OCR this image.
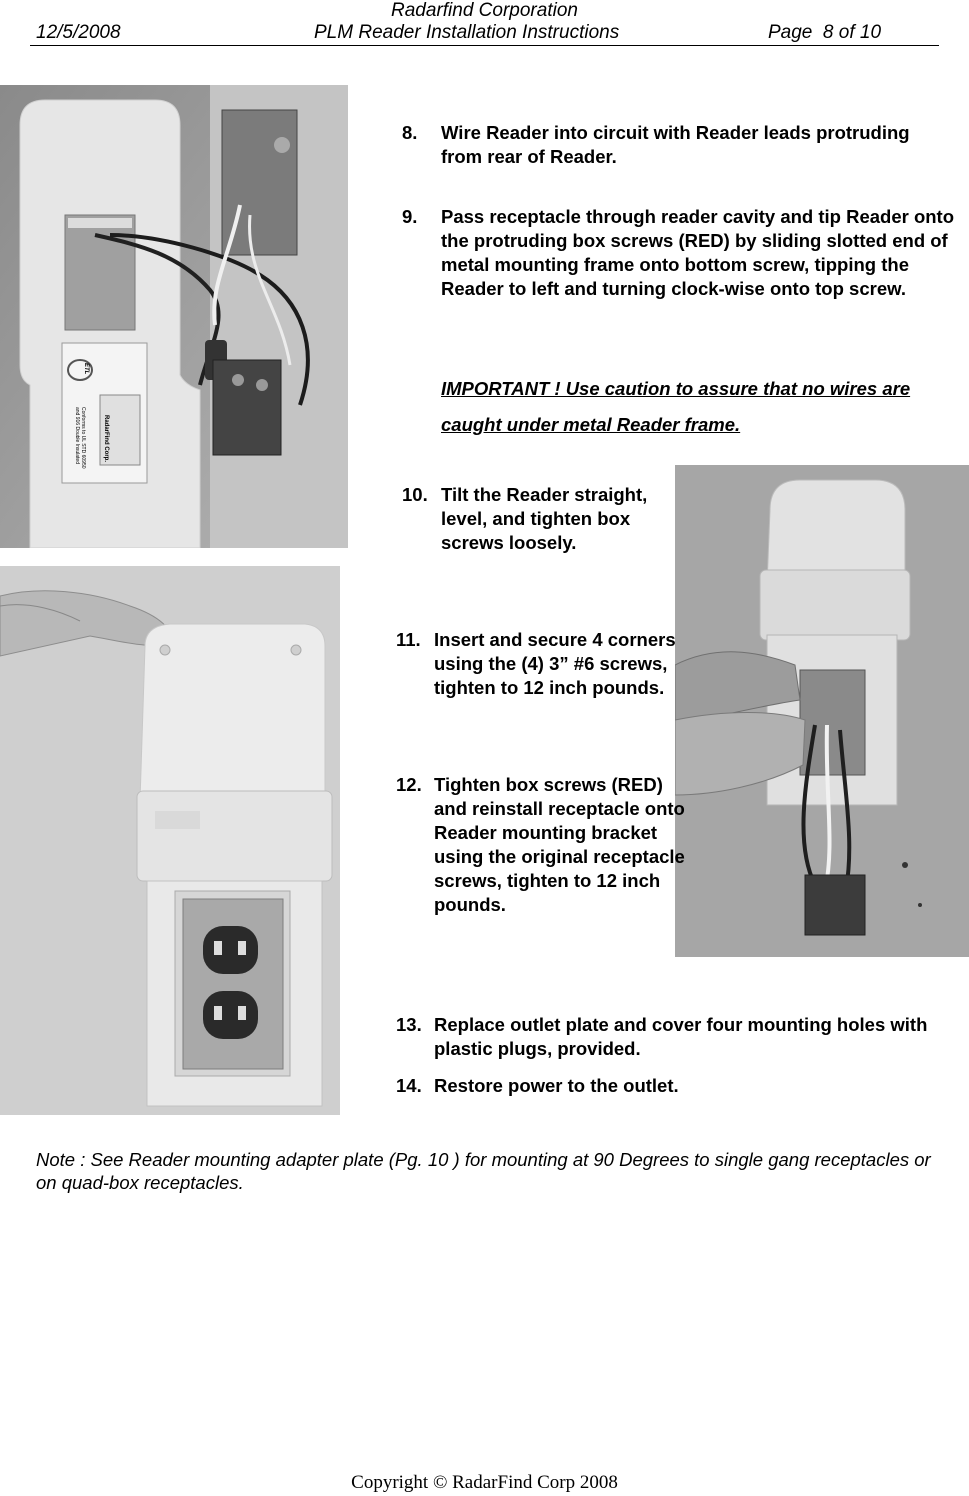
Radarfind Corporation
12/5/2008	PLM Reader Installation Instructions	Page  8 of 10
RadarFind Corp.
Conforms to UL STD 60950 and 916 Double Insulated
ETL
8. Wire Reader into circuit with Reader leads protruding from rear of Reader.
9. Pass receptacle through reader cavity and tip Reader onto the protruding box screws (RED) by sliding slotted end of metal mounting frame onto bottom screw, tipping the Reader to left and turning clock-wise onto top screw.
IMPORTANT ! Use caution to assure that no wires are caught under metal Reader frame.
10. Tilt the Reader straight, level, and tighten box screws loosely.
11. Insert and secure 4 corners using the (4) 3” #6 screws, tighten to 12 inch pounds.
12. Tighten box screws (RED) and reinstall receptacle onto Reader mounting bracket using the original receptacle screws, tighten to 12 inch pounds.
13. Replace outlet plate and cover four mounting holes with plastic plugs, provided.
14. Restore power to the outlet.
Note : See Reader mounting adapter plate (Pg. 10 ) for mounting at 90 Degrees to single gang receptacles or on quad-box receptacles.
Copyright © RadarFind Corp 2008
